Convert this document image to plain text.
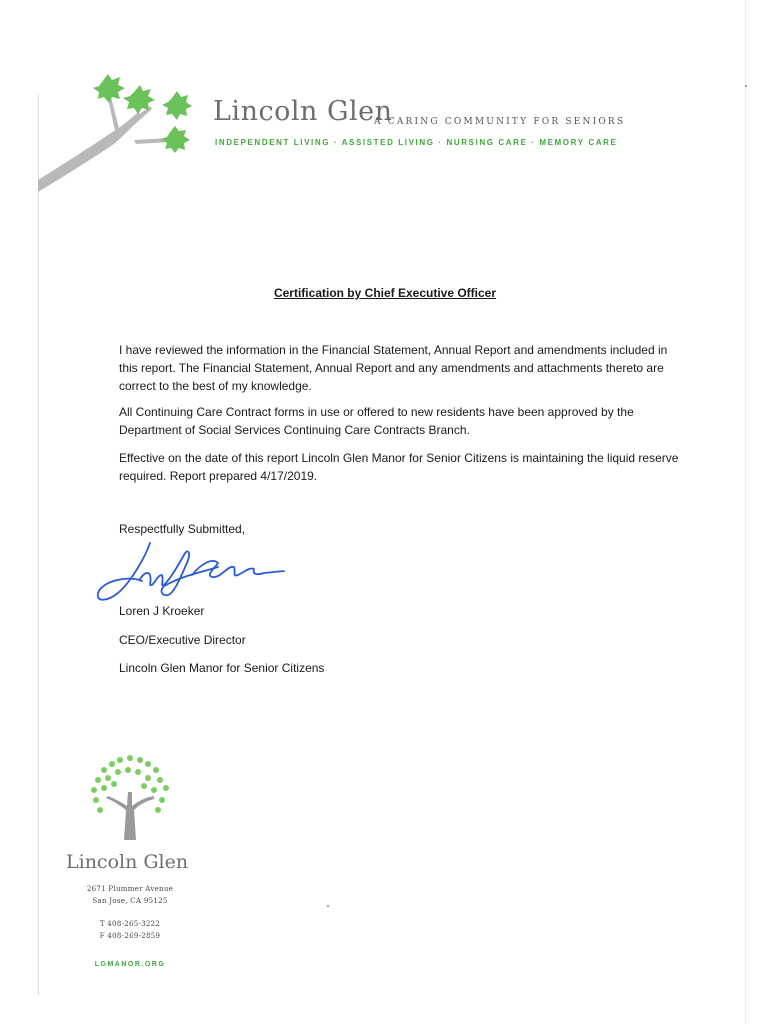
Lincoln Glen
A CARING COMMUNITY FOR SENIORS
INDEPENDENT LIVING · ASSISTED LIVING · NURSING CARE · MEMORY CARE
Certification by Chief Executive Officer
I have reviewed the information in the Financial Statement, Annual Report and amendments included in this report. The Financial Statement, Annual Report and any amendments and attachments thereto are correct to the best of my knowledge.
All Continuing Care Contract forms in use or offered to new residents have been approved by the Department of Social Services Continuing Care Contracts Branch.
Effective on the date of this report Lincoln Glen Manor for Senior Citizens is maintaining the liquid reserve required. Report prepared 4/17/2019.
Respectfully Submitted,
Loren J Kroeker
CEO/Executive Director
Lincoln Glen Manor for Senior Citizens
Lincoln Glen
2671 Plummer Avenue
San Jose, CA 95125
T 408-265-3222
F 408-269-2859
LGMANOR.ORG
